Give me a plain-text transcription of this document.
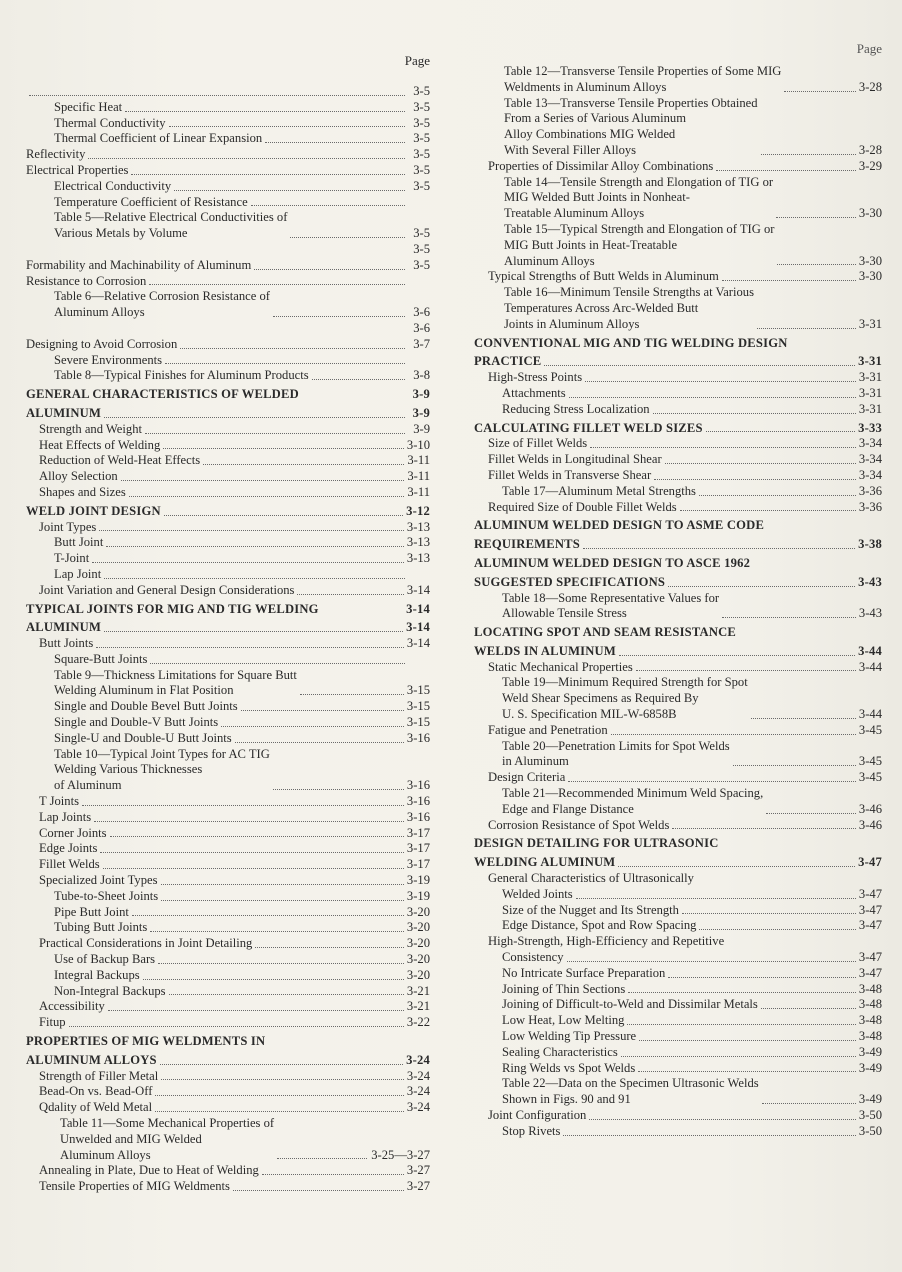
Page
3-5
Specific Heat	3-5
Thermal Conductivity	3-5
Thermal Coefficient of Linear Expansion	3-5
Reflectivity	3-5
Electrical Properties	3-5
Electrical Conductivity	3-5
Temperature Coefficient of Resistance
Table 5—Relative Electrical Conductivities of
Various Metals by Volume	3-5
3-5
Formability and Machinability of Aluminum	3-5
Resistance to Corrosion
Table 6—Relative Corrosion Resistance of
Aluminum Alloys	3-6
3-6
Designing to Avoid Corrosion	3-7
Severe Environments
Table 8—Typical Finishes for Aluminum Products	3-8
GENERAL CHARACTERISTICS OF WELDED	3-9
ALUMINUM	3-9
Strength and Weight	3-9
Heat Effects of Welding	3-10
Reduction of Weld-Heat Effects	3-11
Alloy Selection	3-11
Shapes and Sizes	3-11
WELD JOINT DESIGN	3-12
Joint Types	3-13
Butt Joint	3-13
T-Joint	3-13
Lap Joint
Joint Variation and General Design Considerations	3-14
TYPICAL JOINTS FOR MIG AND TIG WELDING	3-14
ALUMINUM	3-14
Butt Joints	3-14
Square-Butt Joints
Table 9—Thickness Limitations for Square Butt
Welding Aluminum in Flat Position	3-15
Single and Double Bevel Butt Joints	3-15
Single and Double-V Butt Joints	3-15
Single-U and Double-U Butt Joints	3-16
Table 10—Typical Joint Types for AC TIG
Welding Various Thicknesses
of Aluminum	3-16
T Joints	3-16
Lap Joints	3-16
Corner Joints	3-17
Edge Joints	3-17
Fillet Welds	3-17
Specialized Joint Types	3-19
Tube-to-Sheet Joints	3-19
Pipe Butt Joint	3-20
Tubing Butt Joints	3-20
Practical Considerations in Joint Detailing	3-20
Use of Backup Bars	3-20
Integral Backups	3-20
Non-Integral Backups	3-21
Accessibility	3-21
Fitup	3-22
PROPERTIES OF MIG WELDMENTS IN
ALUMINUM ALLOYS	3-24
Strength of Filler Metal	3-24
Bead-On vs. Bead-Off	3-24
Qdality of Weld Metal	3-24
Table 11—Some Mechanical Properties of
Unwelded and MIG Welded
Aluminum Alloys	3-25—3-27
Annealing in Plate, Due to Heat of Welding	3-27
Tensile Properties of MIG Weldments	3-27
Page
Table 12—Transverse Tensile Properties of Some MIG
Weldments in Aluminum Alloys	3-28
Table 13—Transverse Tensile Properties Obtained
From a Series of Various Aluminum
Alloy Combinations MIG Welded
With Several Filler Alloys	3-28
Properties of Dissimilar Alloy Combinations	3-29
Table 14—Tensile Strength and Elongation of TIG or
MIG Welded Butt Joints in Nonheat-
Treatable Aluminum Alloys	3-30
Table 15—Typical Strength and Elongation of TIG or
MIG Butt Joints in Heat-Treatable
Aluminum Alloys	3-30
Typical Strengths of Butt Welds in Aluminum	3-30
Table 16—Minimum Tensile Strengths at Various
Temperatures Across Arc-Welded Butt
Joints in Aluminum Alloys	3-31
CONVENTIONAL MIG AND TIG WELDING DESIGN
PRACTICE	3-31
High-Stress Points	3-31
Attachments	3-31
Reducing Stress Localization	3-31
CALCULATING FILLET WELD SIZES	3-33
Size of Fillet Welds	3-34
Fillet Welds in Longitudinal Shear	3-34
Fillet Welds in Transverse Shear	3-34
Table 17—Aluminum Metal Strengths	3-36
Required Size of Double Fillet Welds	3-36
ALUMINUM WELDED DESIGN TO ASME CODE
REQUIREMENTS	3-38
ALUMINUM WELDED DESIGN TO ASCE 1962
SUGGESTED SPECIFICATIONS	3-43
Table 18—Some Representative Values for
Allowable Tensile Stress	3-43
LOCATING SPOT AND SEAM RESISTANCE
WELDS IN ALUMINUM	3-44
Static Mechanical Properties	3-44
Table 19—Minimum Required Strength for Spot
Weld Shear Specimens as Required By
U. S. Specification MIL-W-6858B	3-44
Fatigue and Penetration	3-45
Table 20—Penetration Limits for Spot Welds
in Aluminum	3-45
Design Criteria	3-45
Table 21—Recommended Minimum Weld Spacing,
Edge and Flange Distance	3-46
Corrosion Resistance of Spot Welds	3-46
DESIGN DETAILING FOR ULTRASONIC
WELDING ALUMINUM	3-47
General Characteristics of Ultrasonically
Welded Joints	3-47
Size of the Nugget and Its Strength	3-47
Edge Distance, Spot and Row Spacing	3-47
High-Strength, High-Efficiency and Repetitive
Consistency	3-47
No Intricate Surface Preparation	3-47
Joining of Thin Sections	3-48
Joining of Difficult-to-Weld and Dissimilar Metals	3-48
Low Heat, Low Melting	3-48
Low Welding Tip Pressure	3-48
Sealing Characteristics	3-49
Ring Welds vs Spot Welds	3-49
Table 22—Data on the Specimen Ultrasonic Welds
Shown in Figs. 90 and 91	3-49
Joint Configuration	3-50
Stop Rivets	3-50
